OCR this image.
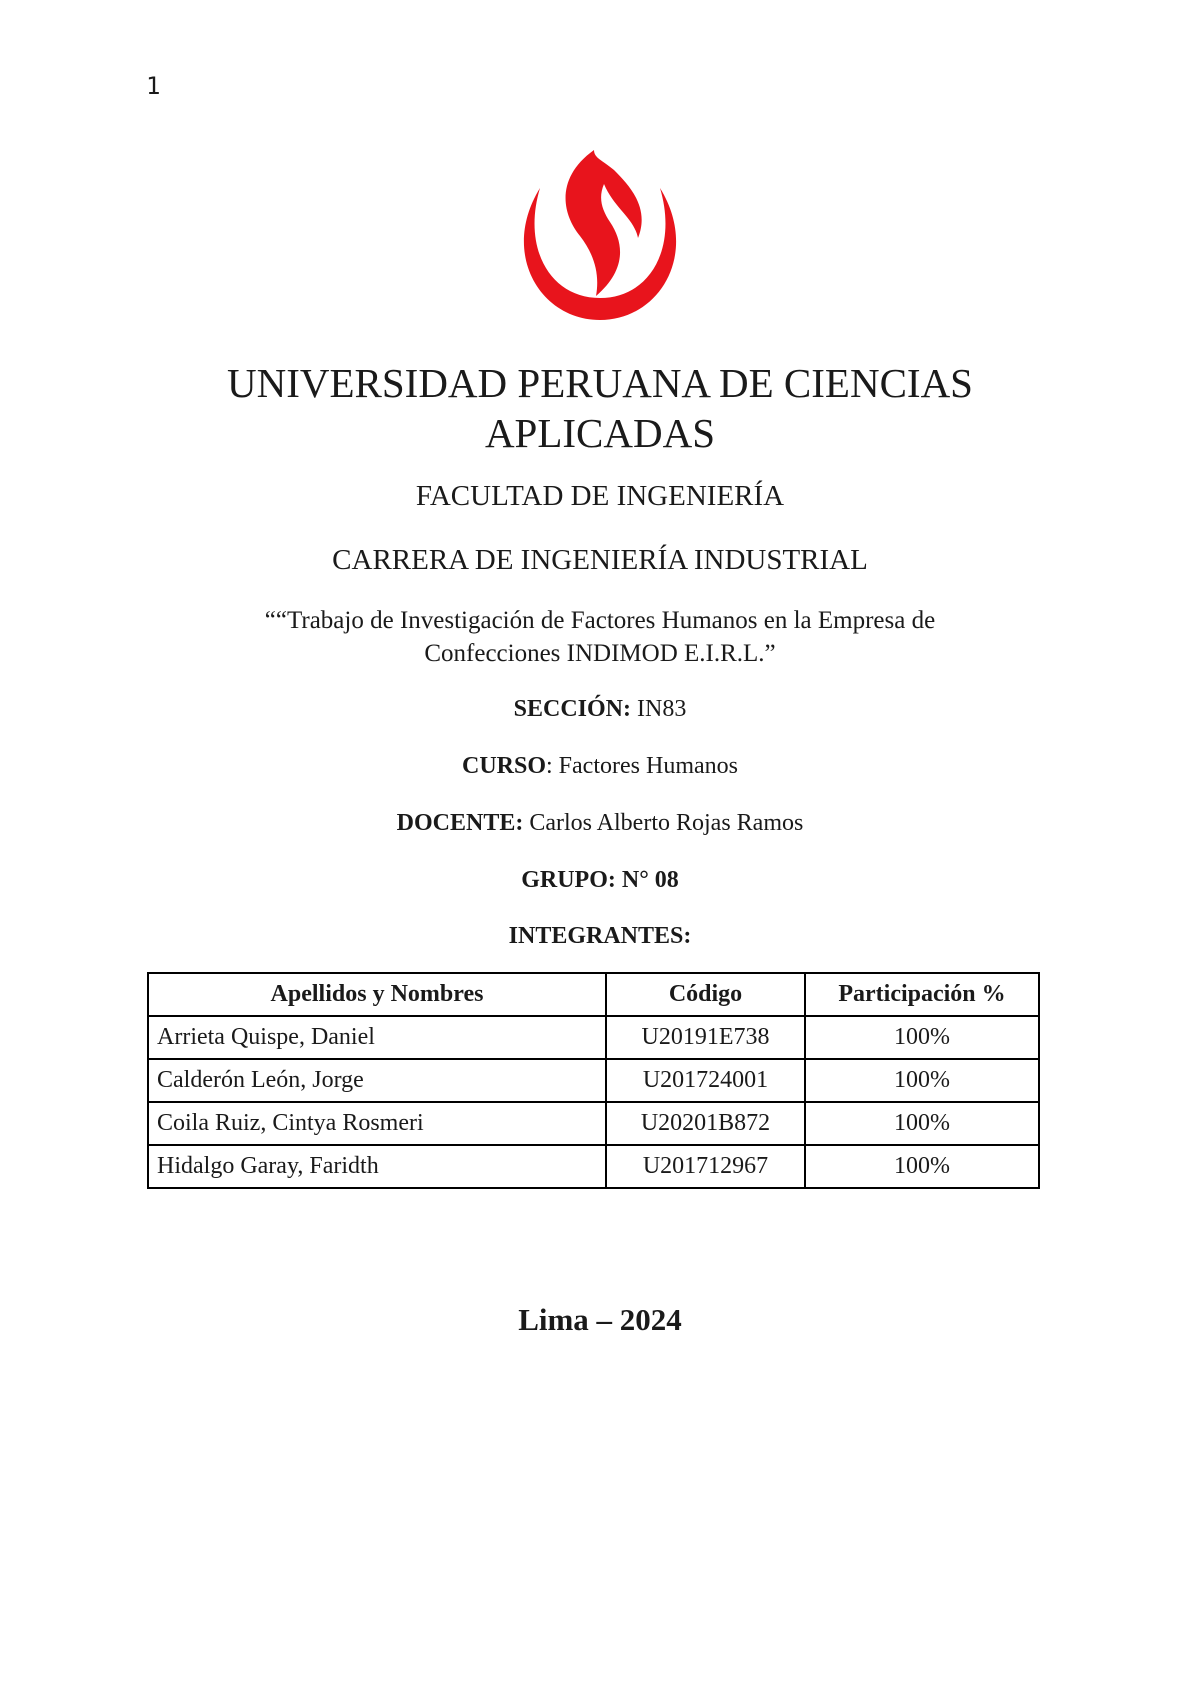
1
UNIVERSIDAD PERUANA DE CIENCIAS
APLICADAS
FACULTAD DE INGENIERÍA
CARRERA DE INGENIERÍA INDUSTRIAL
““Trabajo de Investigación de Factores Humanos en la Empresa de
Confecciones INDIMOD E.I.R.L.”
SECCIÓN: IN83
CURSO: Factores Humanos
DOCENTE: Carlos Alberto Rojas Ramos
GRUPO: N° 08
INTEGRANTES:
Apellidos y Nombres	Código	Participación %
Arrieta Quispe, Daniel	U20191E738	100%
Calderón León, Jorge	U201724001	100%
Coila Ruiz, Cintya Rosmeri	U20201B872	100%
Hidalgo Garay, Faridth	U201712967	100%
Lima – 2024
